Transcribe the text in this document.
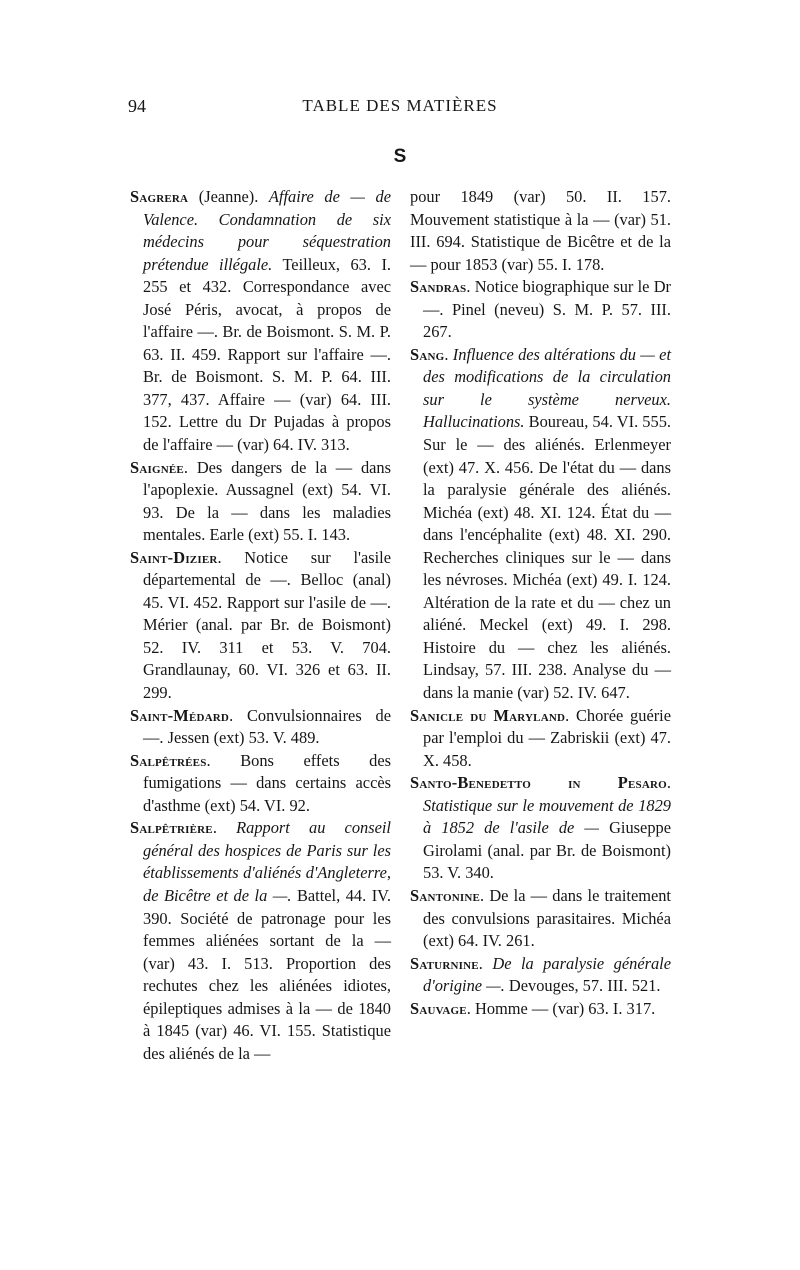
94	TABLE DES MATIÈRES
S

Sagrera (Jeanne). Affaire de — de Valence. Condamnation de six médecins pour séquestration prétendue illégale. Teilleux, 63. I. 255 et 432. Correspondance avec José Péris, avocat, à propos de l'affaire —. Br. de Boismont. S. M. P. 63. II. 459. Rapport sur l'affaire —. Br. de Boismont. S. M. P. 64. III. 377, 437. Affaire — (var) 64. III. 152. Lettre du Dr Pujadas à propos de l'affaire — (var) 64. IV. 313.

Saignée. Des dangers de la — dans l'apoplexie. Aussagnel (ext) 54. VI. 93. De la — dans les maladies mentales. Earle (ext) 55. I. 143.

Saint-Dizier. Notice sur l'asile départemental de —. Belloc (anal) 45. VI. 452. Rapport sur l'asile de —. Mérier (anal. par Br. de Boismont) 52. IV. 311 et 53. V. 704. Grandlaunay, 60. VI. 326 et 63. II. 299.

Saint-Médard. Convulsionnaires de —. Jessen (ext) 53. V. 489.

Salpêtrées. Bons effets des fumigations — dans certains accès d'asthme (ext) 54. VI. 92.

Salpêtrière. Rapport au conseil général des hospices de Paris sur les établissements d'aliénés d'Angleterre, de Bicêtre et de la —. Battel, 44. IV. 390. Société de patronage pour les femmes aliénées sortant de la — (var) 43. I. 513. Proportion des rechutes chez les aliénées idiotes, épileptiques admises à la — de 1840 à 1845 (var) 46. VI. 155. Statistique des aliénés de la —

pour 1849 (var) 50. II. 157. Mouvement statistique à la — (var) 51. III. 694. Statistique de Bicêtre et de la — pour 1853 (var) 55. I. 178.

Sandras. Notice biographique sur le Dr —. Pinel (neveu) S. M. P. 57. III. 267.

Sang. Influence des altérations du — et des modifications de la circulation sur le système nerveux. Hallucinations. Boureau, 54. VI. 555. Sur le — des aliénés. Erlenmeyer (ext) 47. X. 456. De l'état du — dans la paralysie générale des aliénés. Michéa (ext) 48. XI. 124. État du — dans l'encéphalite (ext) 48. XI. 290. Recherches cliniques sur le — dans les névroses. Michéa (ext) 49. I. 124. Altération de la rate et du — chez un aliéné. Meckel (ext) 49. I. 298. Histoire du — chez les aliénés. Lindsay, 57. III. 238. Analyse du — dans la manie (var) 52. IV. 647.

Sanicle du Maryland. Chorée guérie par l'emploi du — Zabriskii (ext) 47. X. 458.

Santo-Benedetto in Pesaro. Statistique sur le mouvement de 1829 à 1852 de l'asile de — Giuseppe Girolami (anal. par Br. de Boismont) 53. V. 340.

Santonine. De la — dans le traitement des convulsions parasitaires. Michéa (ext) 64. IV. 261.

Saturnine. De la paralysie générale d'origine —. Devouges, 57. III. 521.

Sauvage. Homme — (var) 63. I. 317.
